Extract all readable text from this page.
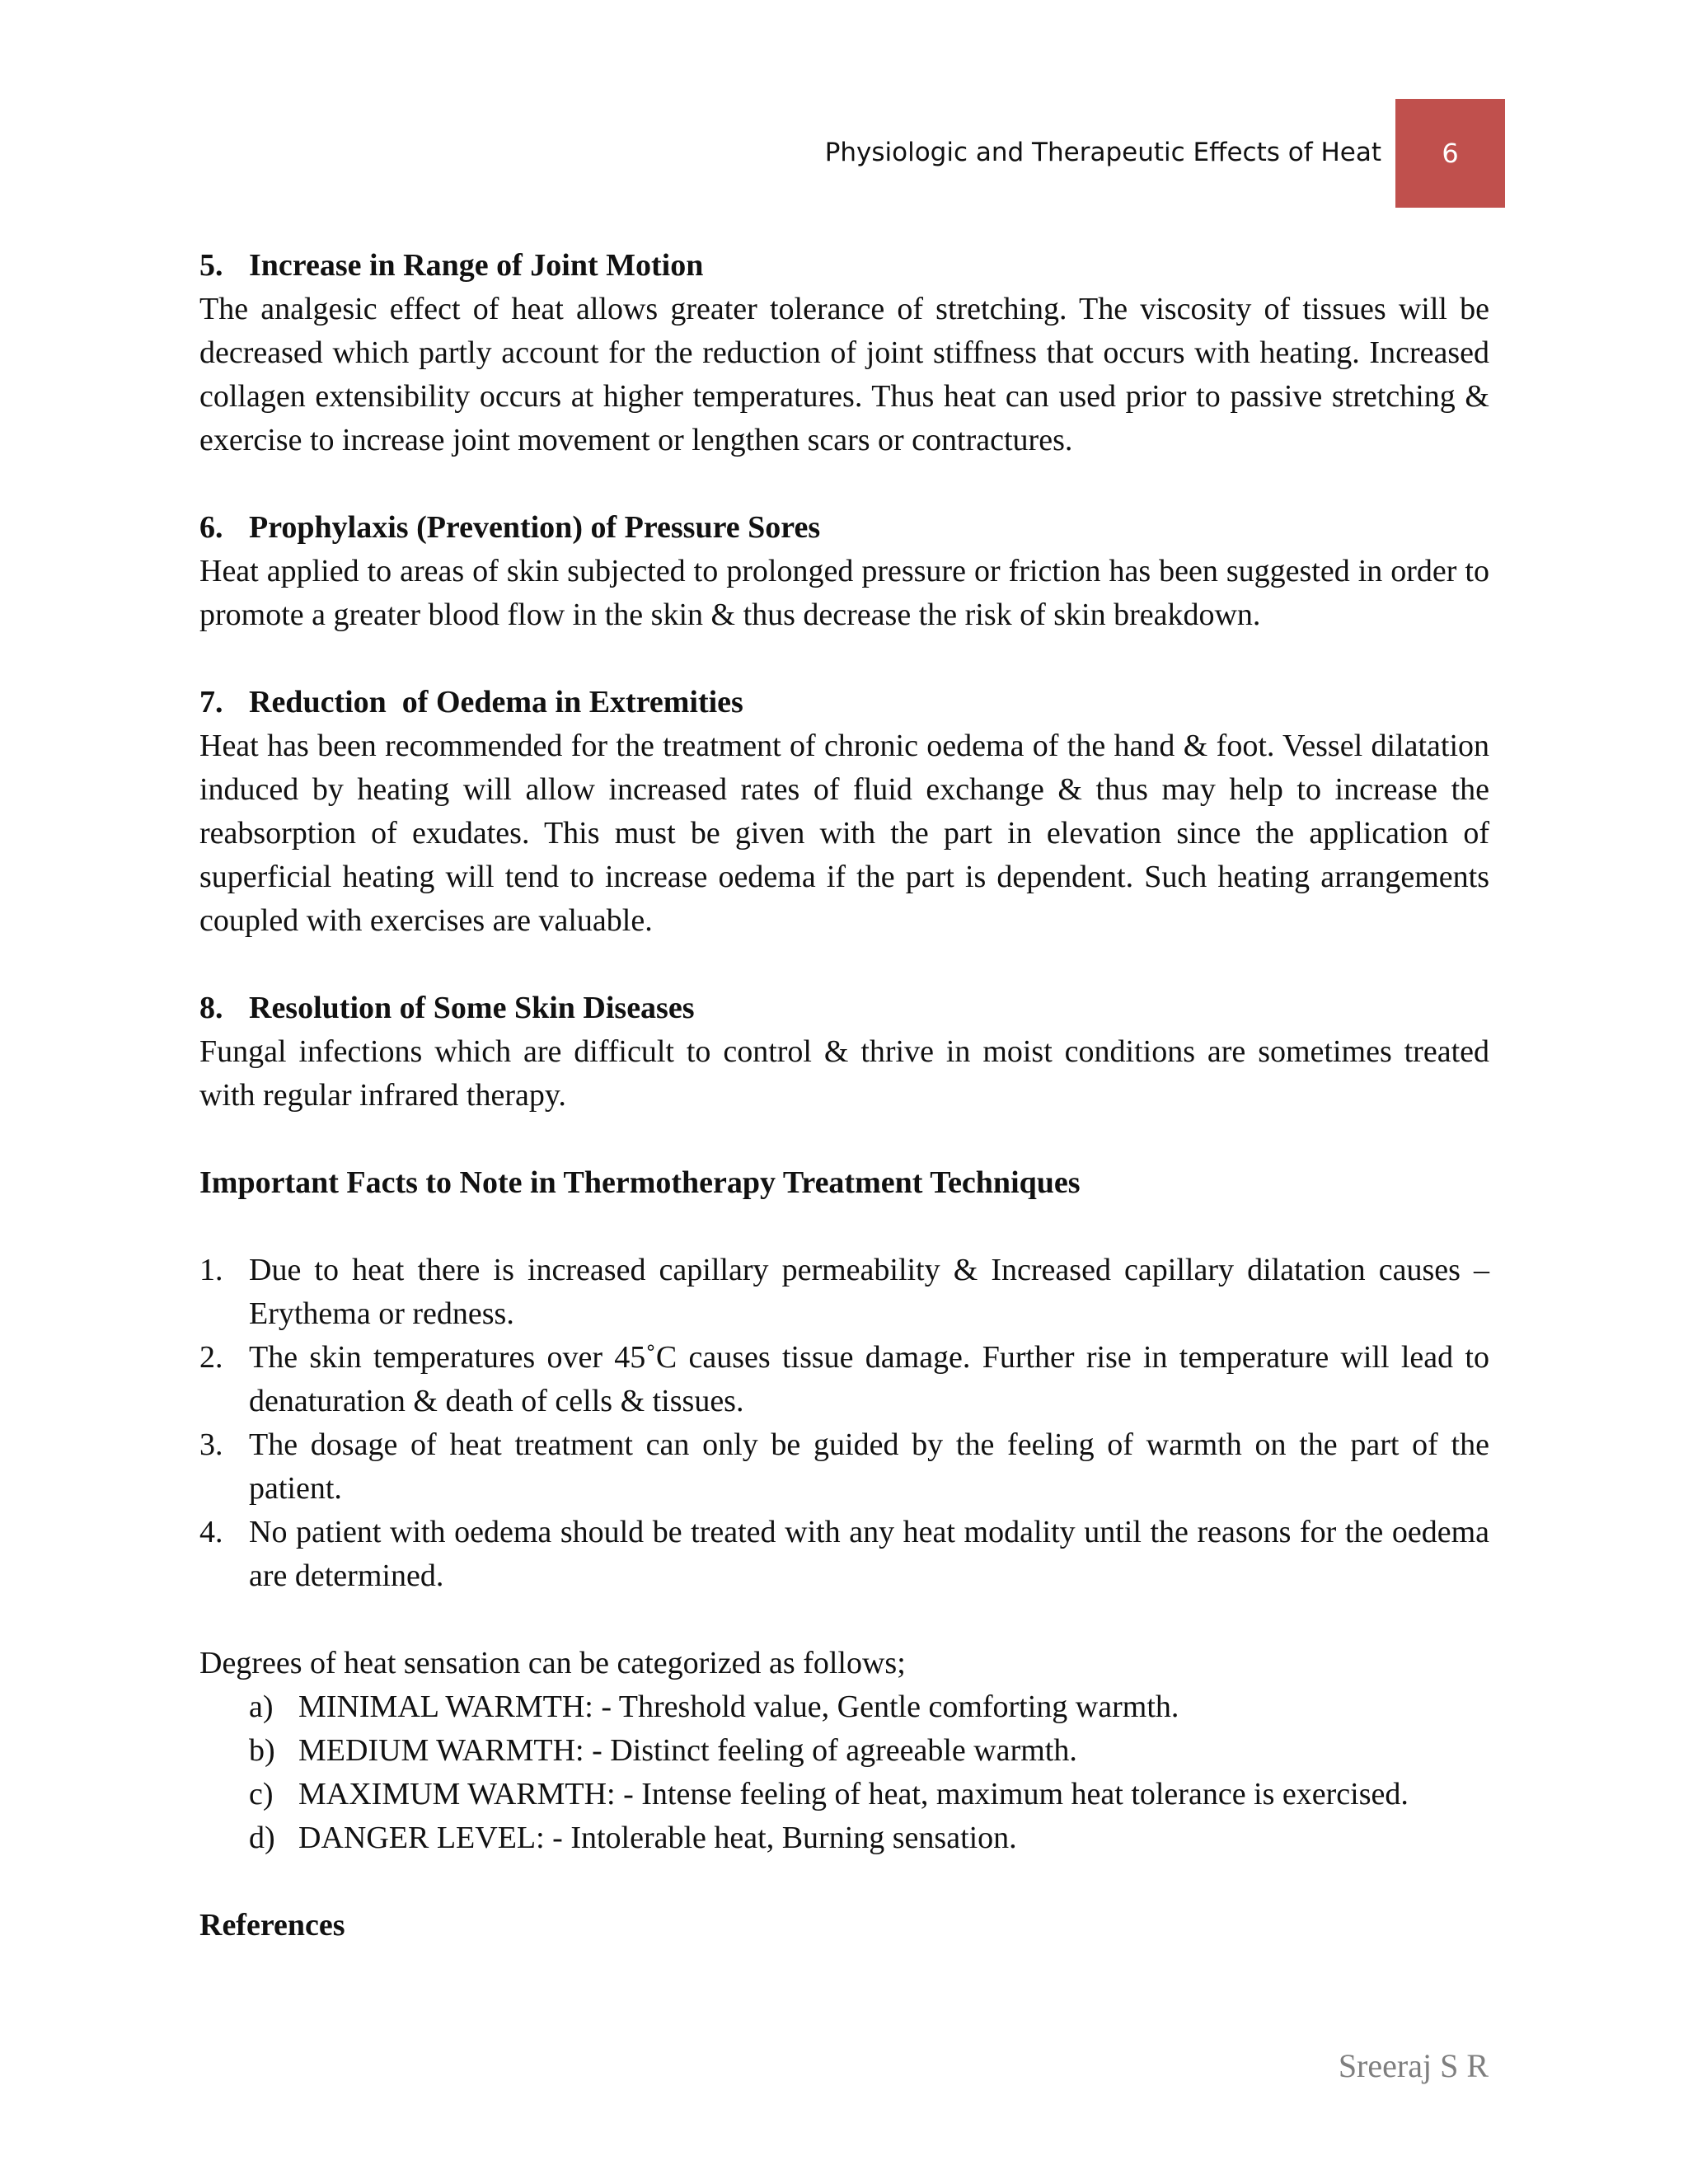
Physiologic and Therapeutic Effects of Heat 6
5. Increase in Range of Joint Motion

The analgesic effect of heat allows greater tolerance of stretching. The viscosity of tissues will be decreased which partly account for the reduction of joint stiffness that occurs with heating. Increased collagen extensibility occurs at higher temperatures. Thus heat can used prior to passive stretching & exercise to increase joint movement or lengthen scars or contractures.

6. Prophylaxis (Prevention) of Pressure Sores

Heat applied to areas of skin subjected to prolonged pressure or friction has been suggested in order to promote a greater blood flow in the skin & thus decrease the risk of skin breakdown.

7. Reduction  of Oedema in Extremities

Heat has been recommended for the treatment of chronic oedema of the hand & foot. Vessel dilatation induced by heating will allow increased rates of fluid exchange & thus may help to increase the reabsorption of exudates. This must be given with the part in elevation since the application of superficial heating will tend to increase oedema if the part is dependent. Such heating arrangements coupled with exercises are valuable.

8. Resolution of Some Skin Diseases

Fungal infections which are difficult to control & thrive in moist conditions are sometimes treated with regular infrared therapy.

Important Facts to Note in Thermotherapy Treatment Techniques
1. Due to heat there is increased capillary permeability & Increased capillary dilatation causes – Erythema or redness.
2. The skin temperatures over 45˚C causes tissue damage. Further rise in temperature will lead to denaturation & death of cells & tissues.
3. The dosage of heat treatment can only be guided by the feeling of warmth on the part of the patient.
4. No patient with oedema should be treated with any heat modality until the reasons for the oedema are determined.

Degrees of heat sensation can be categorized as follows;

a) MINIMAL WARMTH: - Threshold value, Gentle comforting warmth.
b) MEDIUM WARMTH: - Distinct feeling of agreeable warmth.
c) MAXIMUM WARMTH: - Intense feeling of heat, maximum heat tolerance is exercised.
d) DANGER LEVEL: - Intolerable heat, Burning sensation.
References
Sreeraj S R
